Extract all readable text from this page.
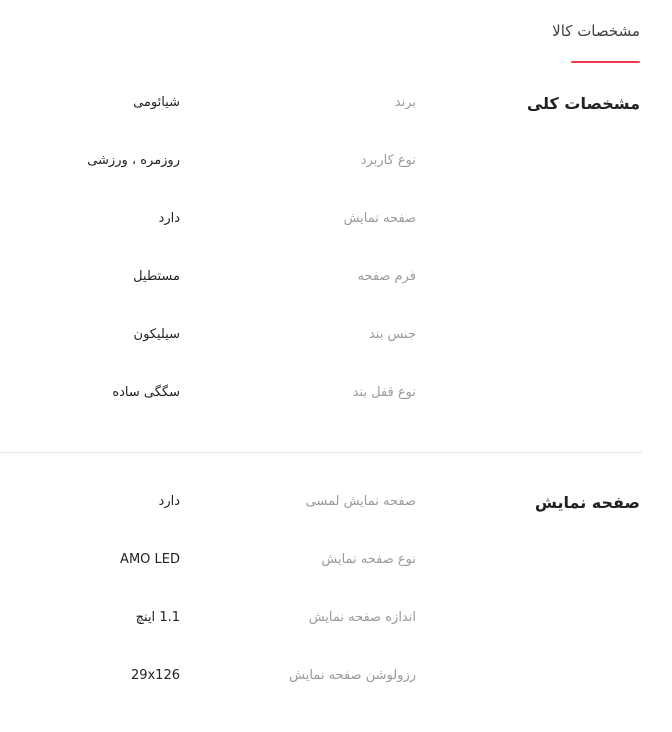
مشخصات کالا
مشخصات کلی
برند
شیائومی
نوع کاربرد
روزمره ، ورزشی
صفحه نمایش
دارد
فرم صفحه
مستطیل
جنس بند
سیلیکون
نوع قفل بند
سگگی ساده
صفحه نمایش
صفحه نمایش لمسی
دارد
نوع صفحه نمایش
AMO LED
اندازه صفحه نمایش
1.1 اینچ
رزولوشن صفحه نمایش
29x126
